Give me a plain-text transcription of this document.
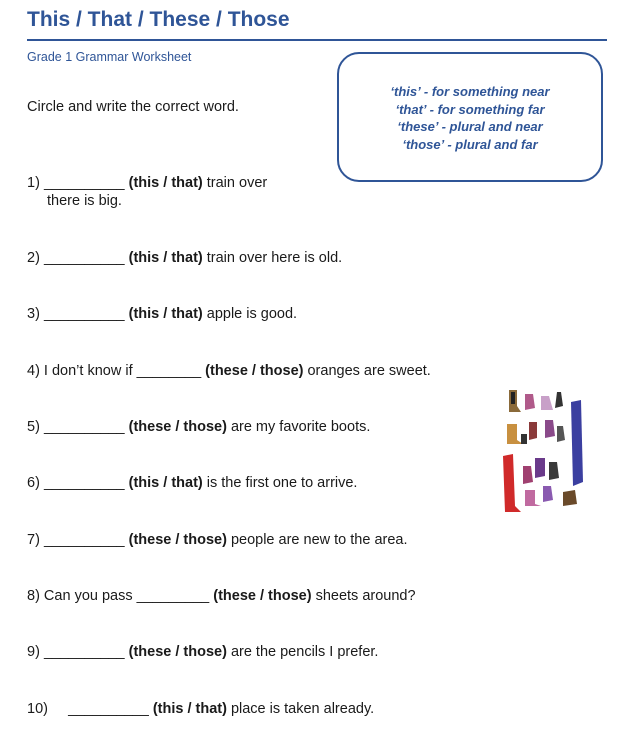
This / That / These / Those
Grade 1 Grammar Worksheet
Circle and write the correct word.
‘this’ - for something near
‘that’ - for something far
‘these’ - plural and near
‘those’ - plural and far
1) __________ (this / that) train over
there is big.
2) __________ (this / that) train over here is old.
3) __________ (this / that) apple is good.
4) I don’t know if ________ (these / those) oranges are sweet.
5) __________ (these / those) are my favorite boots.
6) __________ (this / that) is the first one to arrive.
7) __________ (these / those) people are new to the area.
8) Can you pass _________ (these / those) sheets around?
9) __________ (these / those) are the pencils I prefer.
10) __________ (this / that) place is taken already.
